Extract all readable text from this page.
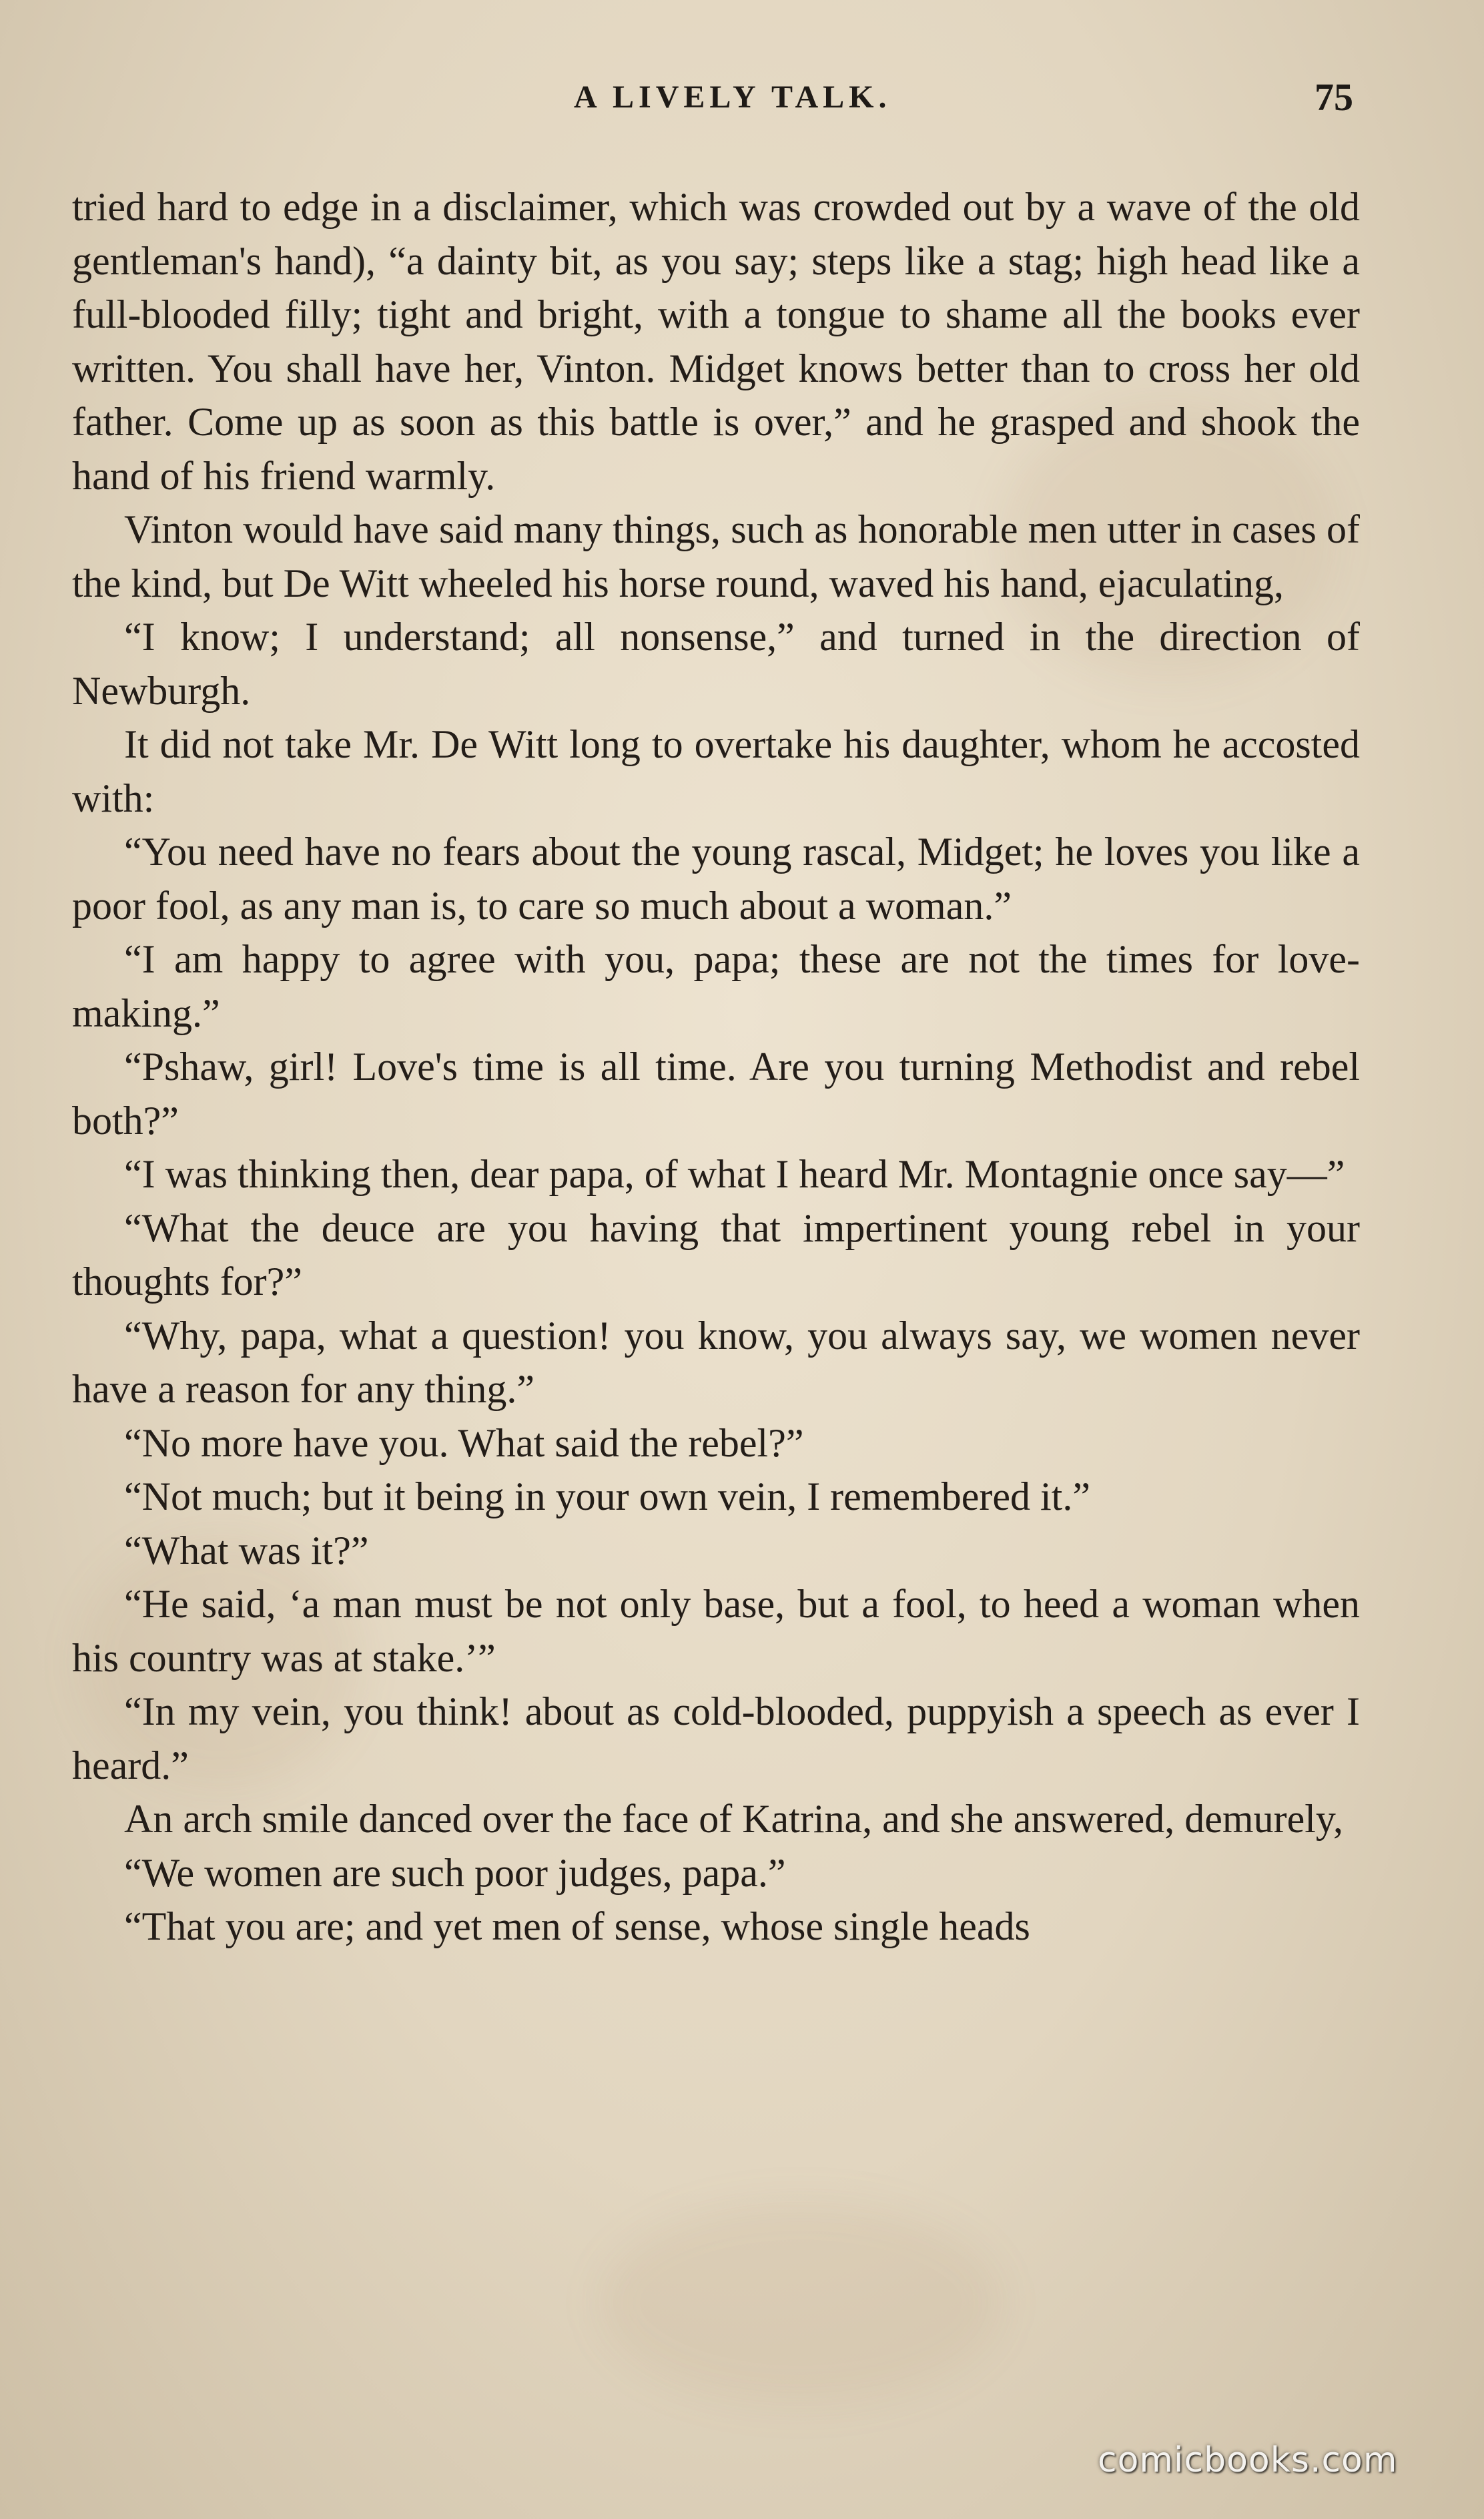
A LIVELY TALK.	75

tried hard to edge in a disclaimer, which was crowded out by a wave of the old gentleman's hand), “a dainty bit, as you say; steps like a stag; high head like a full-blooded filly; tight and bright, with a tongue to shame all the books ever written. You shall have her, Vinton. Midget knows better than to cross her old father. Come up as soon as this battle is over,” and he grasped and shook the hand of his friend warmly.

Vinton would have said many things, such as honorable men utter in cases of the kind, but De Witt wheeled his horse round, waved his hand, ejaculating,

“I know; I understand; all nonsense,” and turned in the direction of Newburgh.

It did not take Mr. De Witt long to overtake his daughter, whom he accosted with:

“You need have no fears about the young rascal, Midget; he loves you like a poor fool, as any man is, to care so much about a woman.”

“I am happy to agree with you, papa; these are not the times for love-making.”

“Pshaw, girl! Love's time is all time. Are you turning Methodist and rebel both?”

“I was thinking then, dear papa, of what I heard Mr. Montagnie once say—”

“What the deuce are you having that impertinent young rebel in your thoughts for?”

“Why, papa, what a question! you know, you always say, we women never have a reason for any thing.”

“No more have you. What said the rebel?”

“Not much; but it being in your own vein, I remembered it.”

“What was it?”

“He said, ‘a man must be not only base, but a fool, to heed a woman when his country was at stake.’”

“In my vein, you think! about as cold-blooded, puppyish a speech as ever I heard.”

An arch smile danced over the face of Katrina, and she answered, demurely,

“We women are such poor judges, papa.”

“That you are; and yet men of sense, whose single heads

comicbooks.com
